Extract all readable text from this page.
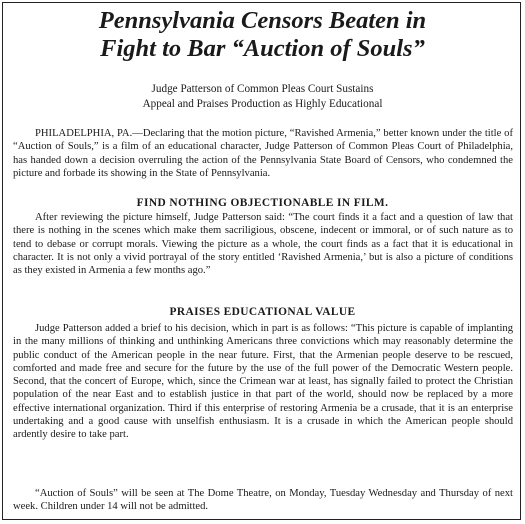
Pennsylvania Censors Beaten in
Fight to Bar “Auction of Souls”

Judge Patterson of Common Pleas Court Sustains

Appeal and Praises Production as Highly Educational

PHILADELPHIA, PA.—Declaring that the motion picture, “Ravished Armenia,” better known under the title of “Auction of Souls,” is a film of an educational character, Judge Patterson of Common Pleas Court of Philadelphia, has handed down a decision overruling the action of the Pennsylvania State Board of Censors, who condemned the picture and forbade its showing in the State of Pennsylvania.

FIND NOTHING OBJECTIONABLE IN FILM.

After reviewing the picture himself, Judge Patterson said: “The court finds it a fact and a question of law that there is nothing in the scenes which make them sacriligious, obscene, indecent or immoral, or of such nature as to tend to debase or corrupt morals. Viewing the picture as a whole, the court finds as a fact that it is educational in character. It is not only a vivid portrayal of the story entitled ‘Ravished Armenia,’ but is also a picture of conditions as they existed in Armenia a few months ago.”

PRAISES EDUCATIONAL VALUE

Judge Patterson added a brief to his decision, which in part is as follows: “This picture is capable of implanting in the many millions of thinking and unthinking Americans three convictions which may reasonably determine the public conduct of the American people in the near future. First, that the Armenian people deserve to be rescued, comforted and made free and secure for the future by the use of the full power of the Democratic Western people. Second, that the concert of Europe, which, since the Crimean war at least, has signally failed to protect the Christian population of the near East and to establish justice in that part of the world, should now be replaced by a more effective international organization. Third if this enterprise of restoring Armenia be a crusade, that it is an enterprise undertaking and a good cause with unselfish enthusiasm. It is a crusade in which the American people should ardently desire to take part.

“Auction of Souls” will be seen at The Dome Theatre, on Monday, Tuesday Wednesday and Thursday of next week. Children under 14 will not be admitted.
